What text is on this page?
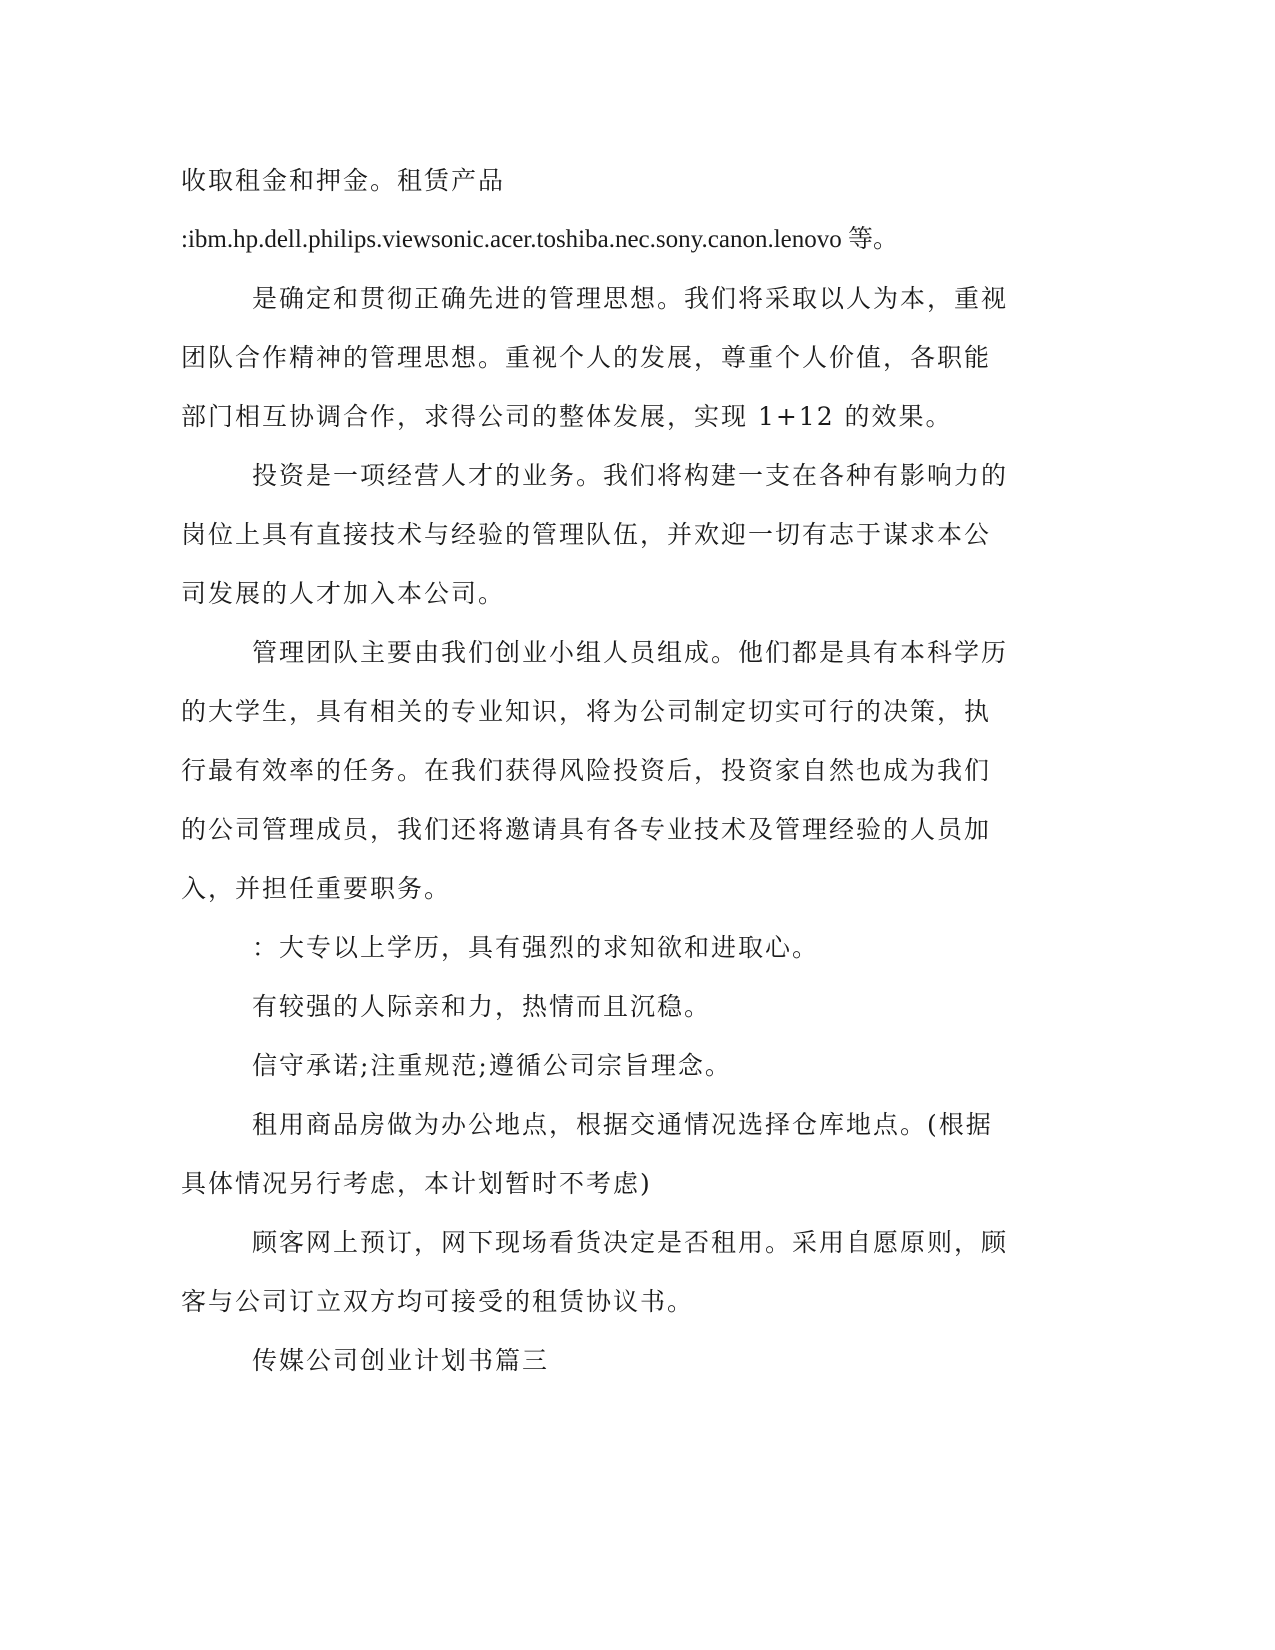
收取租金和押金。租赁产品
:ibm.hp.dell.philips.viewsonic.acer.toshiba.nec.sony.canon.lenovo 等。
是确定和贯彻正确先进的管理思想。我们将采取以人为本，重视
团队合作精神的管理思想。重视个人的发展，尊重个人价值，各职能
部门相互协调合作，求得公司的整体发展，实现 1+12 的效果。
投资是一项经营人才的业务。我们将构建一支在各种有影响力的
岗位上具有直接技术与经验的管理队伍，并欢迎一切有志于谋求本公
司发展的人才加入本公司。
管理团队主要由我们创业小组人员组成。他们都是具有本科学历
的大学生，具有相关的专业知识，将为公司制定切实可行的决策，执
行最有效率的任务。在我们获得风险投资后，投资家自然也成为我们
的公司管理成员，我们还将邀请具有各专业技术及管理经验的人员加
入，并担任重要职务。
：大专以上学历，具有强烈的求知欲和进取心。
有较强的人际亲和力，热情而且沉稳。
信守承诺;注重规范;遵循公司宗旨理念。
租用商品房做为办公地点，根据交通情况选择仓库地点。(根据
具体情况另行考虑，本计划暂时不考虑)
顾客网上预订，网下现场看货决定是否租用。采用自愿原则，顾
客与公司订立双方均可接受的租赁协议书。
传媒公司创业计划书篇三
